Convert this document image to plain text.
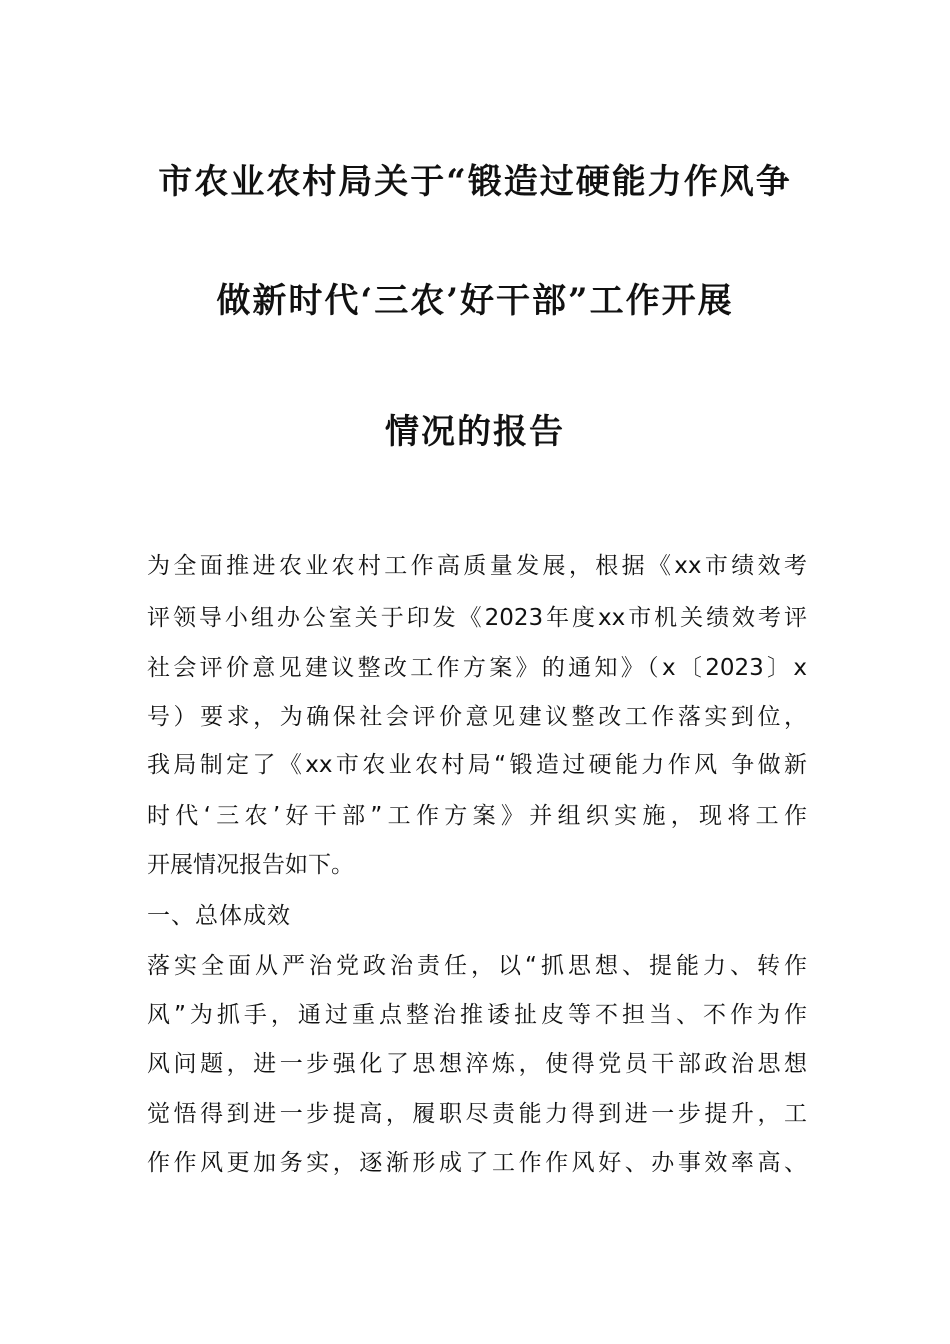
市农业农村局关于“锻造过硬能力作风争
做新时代‘三农’好干部”工作开展
情况的报告
为全面推进农业农村工作高质量发展，根据《xx市绩效考
评领导小组办公室关于印发《2023年度xx市机关绩效考评
社会评价意见建议整改工作方案》的通知》（x〔2023〕x
号）要求，为确保社会评价意见建议整改工作落实到位，
我局制定了《xx市农业农村局“锻造过硬能力作风 争做新
时代‘三农’好干部”工作方案》并组织实施，现将工作
开展情况报告如下。
一、总体成效
落实全面从严治党政治责任，以“抓思想、提能力、转作
风”为抓手，通过重点整治推诿扯皮等不担当、不作为作
风问题，进一步强化了思想淬炼，使得党员干部政治思想
觉悟得到进一步提高，履职尽责能力得到进一步提升，工
作作风更加务实，逐渐形成了工作作风好、办事效率高、
